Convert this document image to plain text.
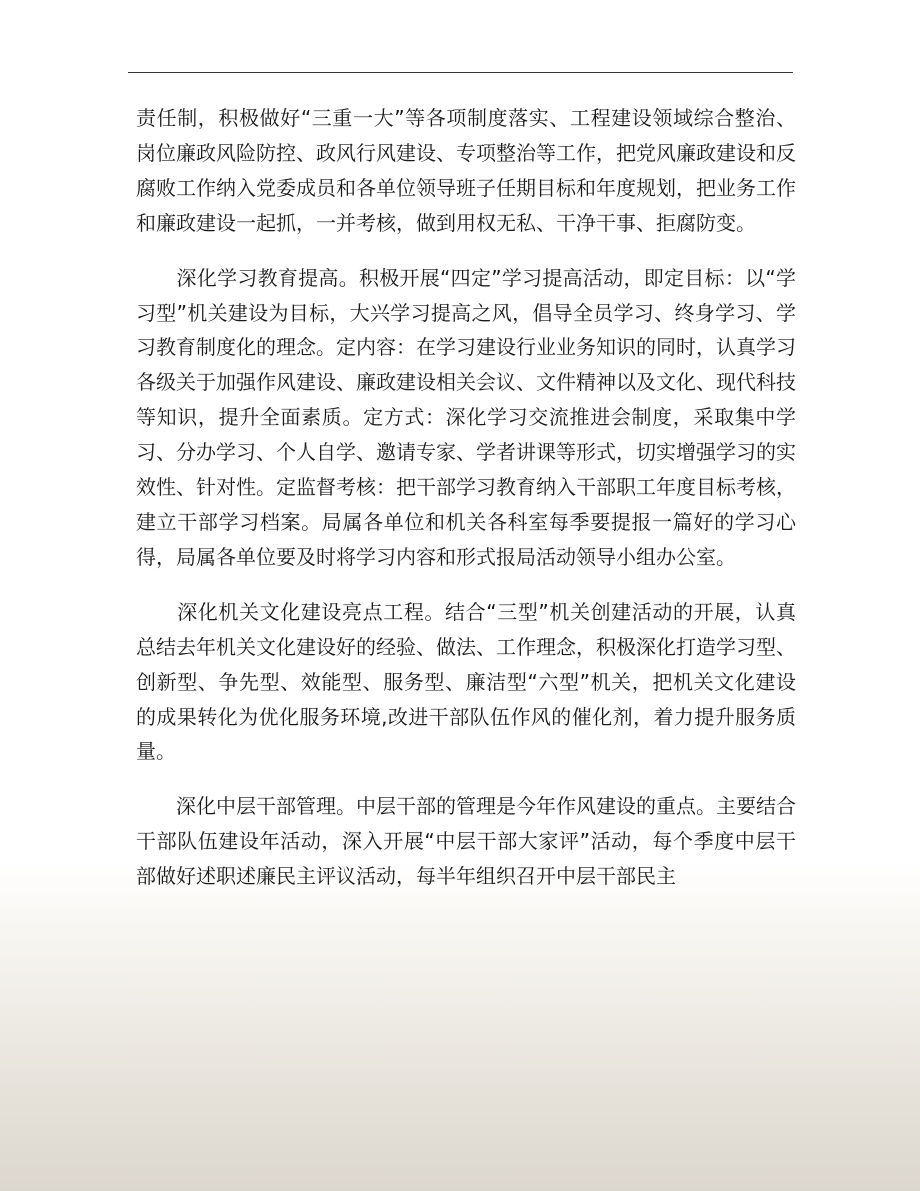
责任制，积极做好“三重一大”等各项制度落实、工程建设领域综合整治、岗位廉政风险防控、政风行风建设、专项整治等工作，把党风廉政建设和反腐败工作纳入党委成员和各单位领导班子任期目标和年度规划，把业务工作和廉政建设一起抓，一并考核，做到用权无私、干净干事、拒腐防变。

　　深化学习教育提高。积极开展“四定”学习提高活动，即定目标：以“学习型”机关建设为目标，大兴学习提高之风，倡导全员学习、终身学习、学习教育制度化的理念。定内容：在学习建设行业业务知识的同时，认真学习各级关于加强作风建设、廉政建设相关会议、文件精神以及文化、现代科技等知识，提升全面素质。定方式：深化学习交流推进会制度，采取集中学习、分办学习、个人自学、邀请专家、学者讲课等形式，切实增强学习的实效性、针对性。定监督考核：把干部学习教育纳入干部职工年度目标考核，建立干部学习档案。局属各单位和机关各科室每季要提报一篇好的学习心得，局属各单位要及时将学习内容和形式报局活动领导小组办公室。

　　深化机关文化建设亮点工程。结合“三型”机关创建活动的开展，认真总结去年机关文化建设好的经验、做法、工作理念，积极深化打造学习型、创新型、争先型、效能型、服务型、廉洁型“六型”机关，把机关文化建设的成果转化为优化服务环境,改进干部队伍作风的催化剂，着力提升服务质量。

　　深化中层干部管理。中层干部的管理是今年作风建设的重点。主要结合干部队伍建设年活动，深入开展“中层干部大家评”活动，每个季度中层干部做好述职述廉民主评议活动，每半年组织召开中层干部民主
